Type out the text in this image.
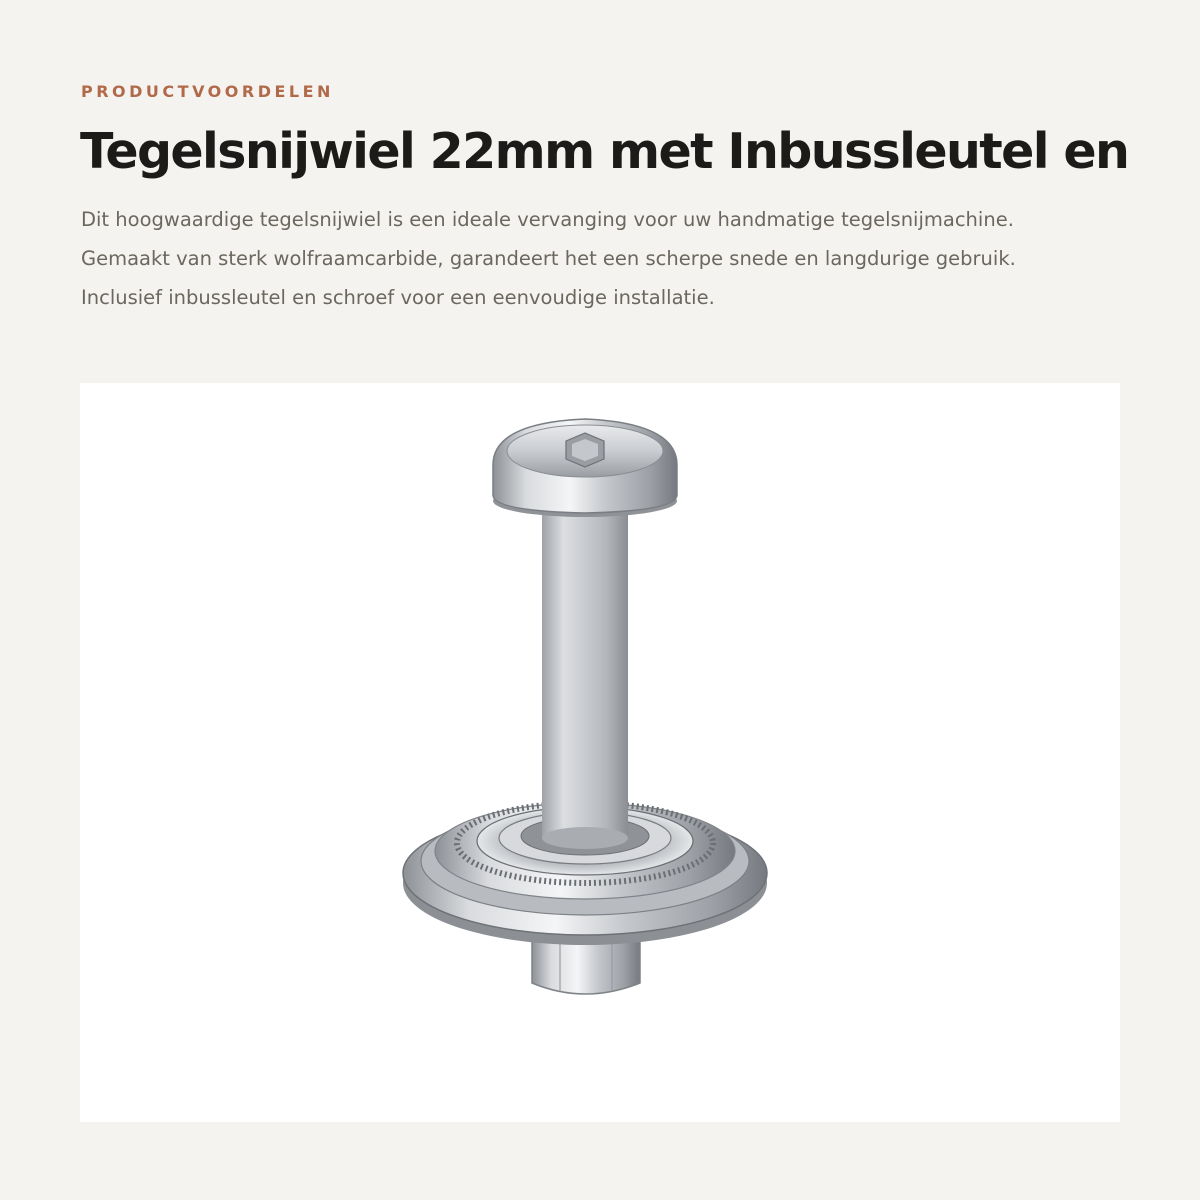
PRODUCTVOORDELEN
Tegelsnijwiel 22mm met Inbussleutel en

Dit hoogwaardige tegelsnijwiel is een ideale vervanging voor uw handmatige tegelsnijmachine. Gemaakt van sterk wolfraamcarbide, garandeert het een scherpe snede en langdurige gebruik. Inclusief inbussleutel en schroef voor een eenvoudige installatie.
